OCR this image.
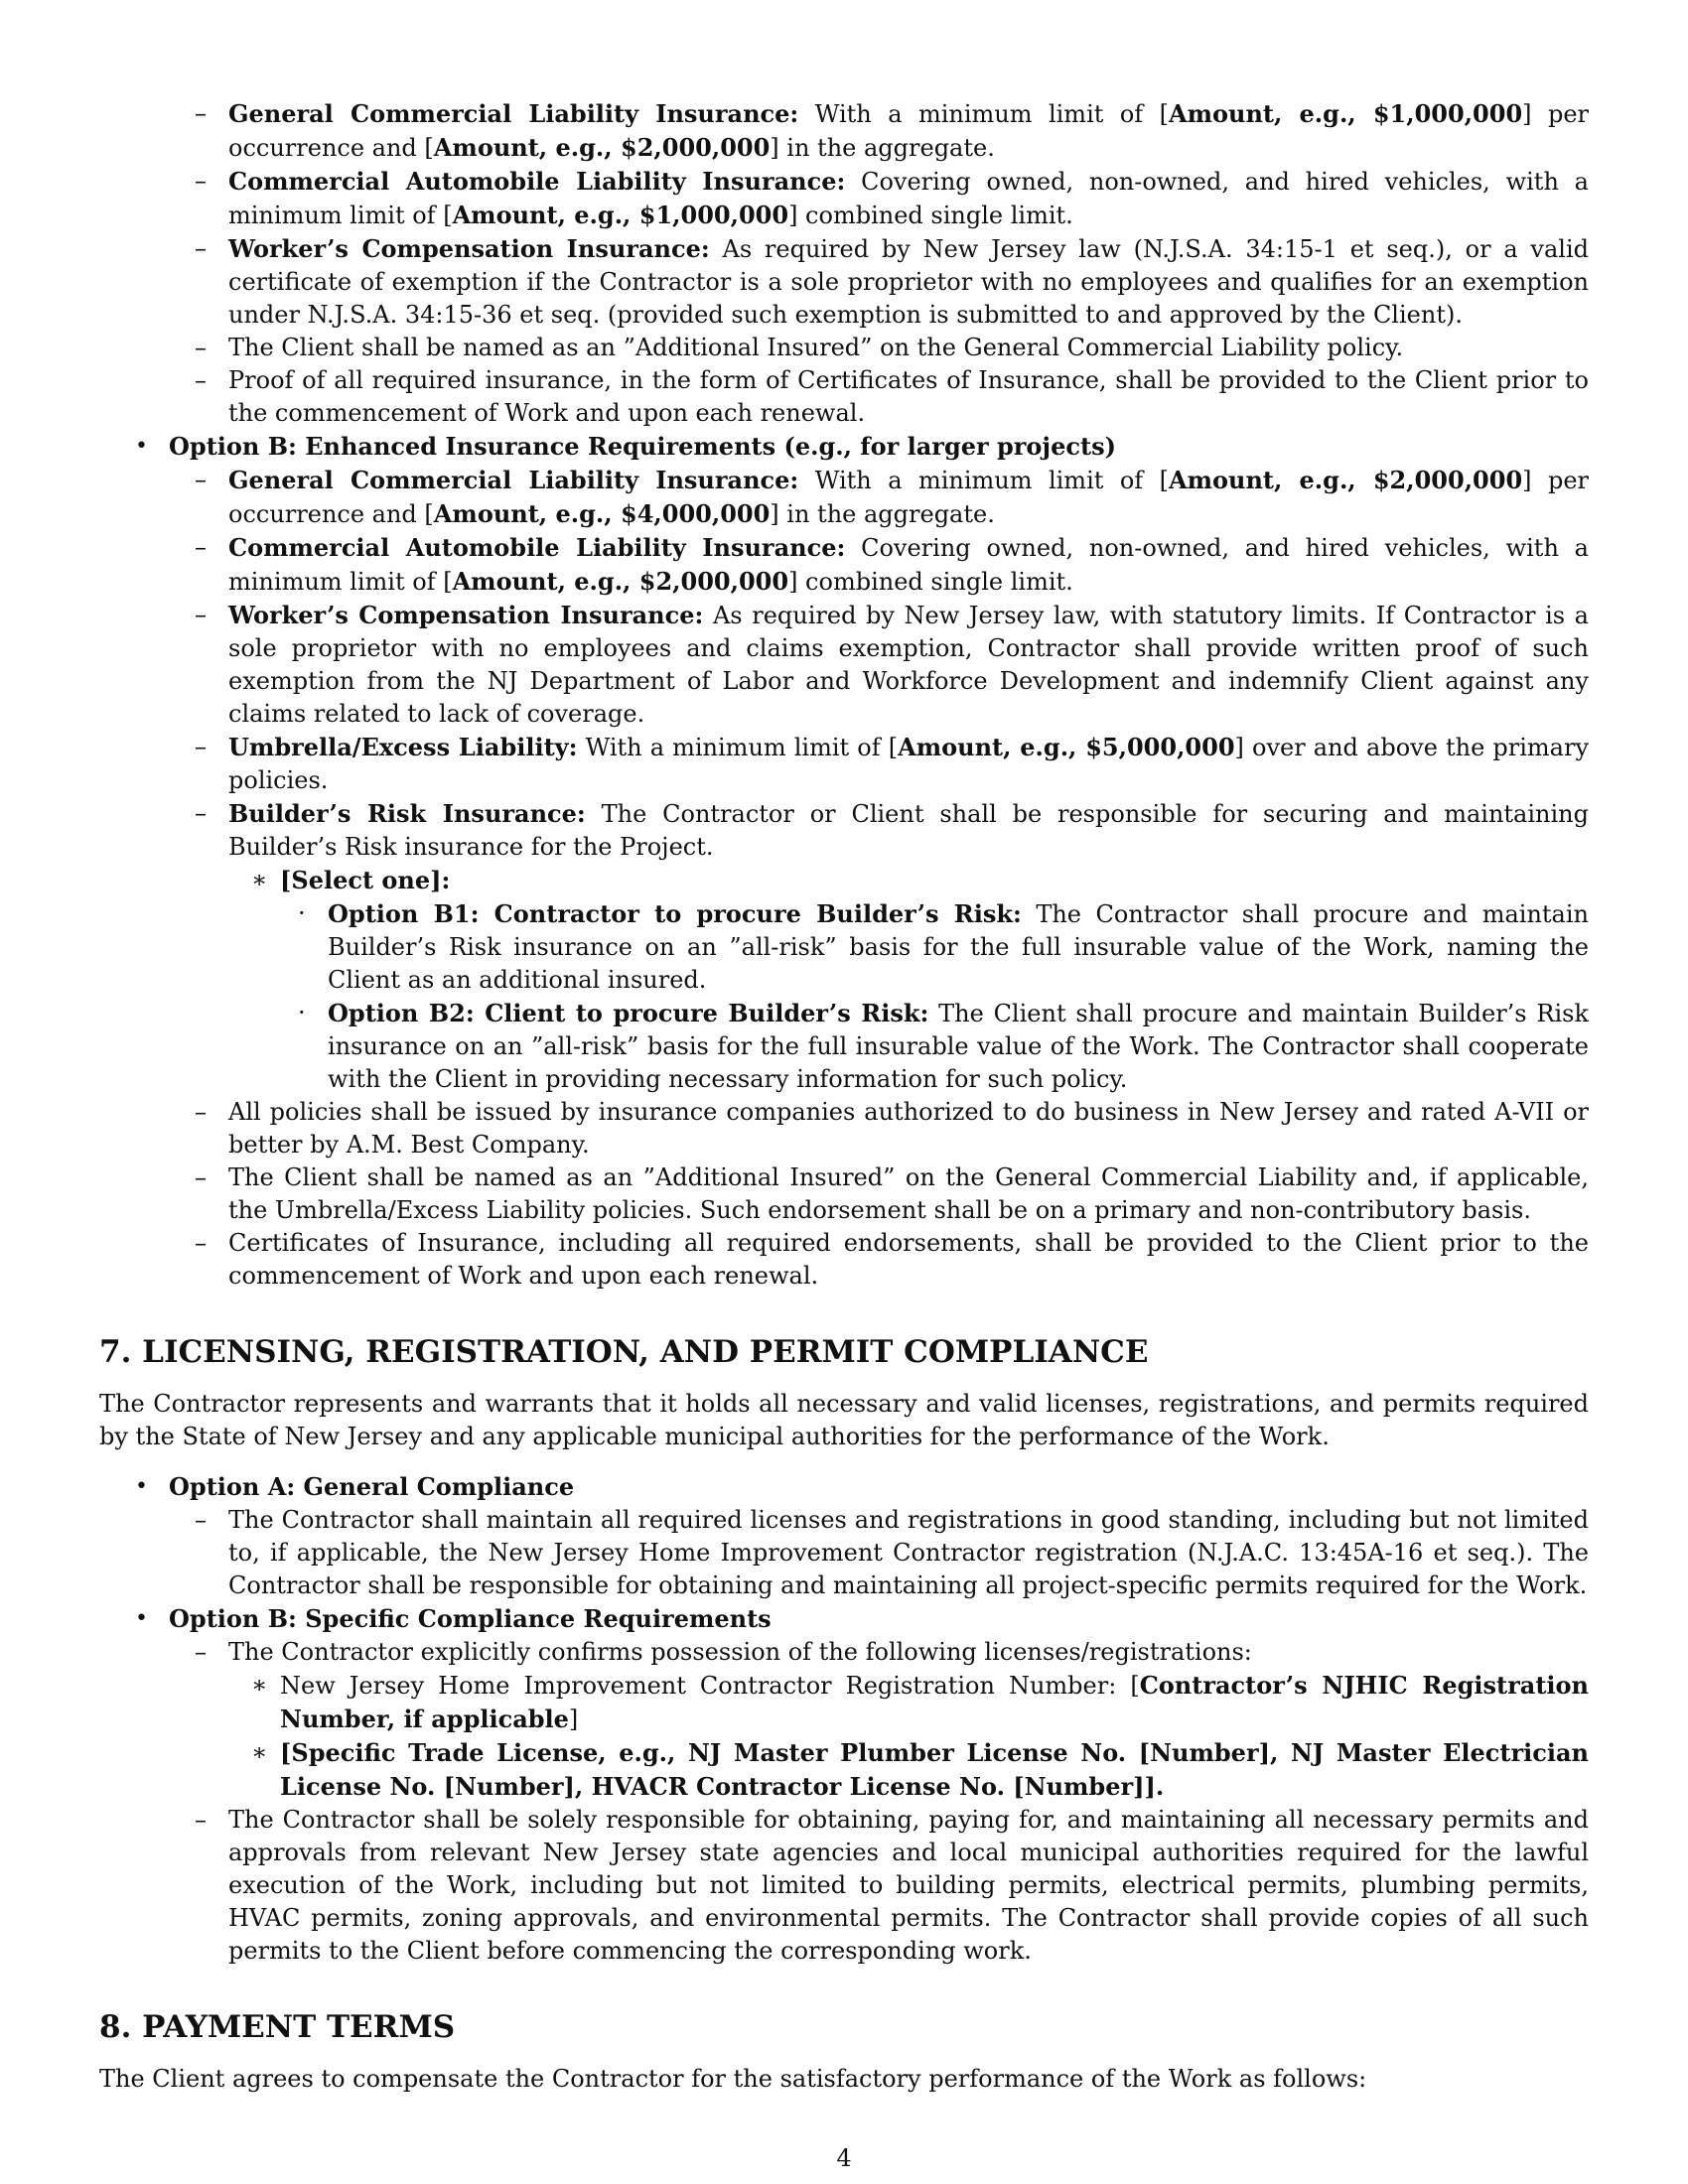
– General Commercial Liability Insurance: With a minimum limit of [Amount, e.g., $1,000,000] per occurrence and [Amount, e.g., $2,000,000] in the aggregate.
– Commercial Automobile Liability Insurance: Covering owned, non-owned, and hired vehicles, with a minimum limit of [Amount, e.g., $1,000,000] combined single limit.
– Worker’s Compensation Insurance: As required by New Jersey law (N.J.S.A. 34:15-1 et seq.), or a valid certificate of exemption if the Contractor is a sole proprietor with no employees and qualifies for an exemption under N.J.S.A. 34:15-36 et seq. (provided such exemption is submitted to and approved by the Client).
– The Client shall be named as an ”Additional Insured” on the General Commercial Liability policy.
– Proof of all required insurance, in the form of Certificates of Insurance, shall be provided to the Client prior to the commencement of Work and upon each renewal.
• Option B: Enhanced Insurance Requirements (e.g., for larger projects)
– General Commercial Liability Insurance: With a minimum limit of [Amount, e.g., $2,000,000] per occurrence and [Amount, e.g., $4,000,000] in the aggregate.
– Commercial Automobile Liability Insurance: Covering owned, non-owned, and hired vehicles, with a minimum limit of [Amount, e.g., $2,000,000] combined single limit.
– Worker’s Compensation Insurance: As required by New Jersey law, with statutory limits. If Contractor is a sole proprietor with no employees and claims exemption, Contractor shall provide written proof of such exemption from the NJ Department of Labor and Workforce Development and indemnify Client against any claims related to lack of coverage.
– Umbrella/Excess Liability: With a minimum limit of [Amount, e.g., $5,000,000] over and above the primary policies.
– Builder’s Risk Insurance: The Contractor or Client shall be responsible for securing and maintaining Builder’s Risk insurance for the Project.
∗ [Select one]:
· Option B1: Contractor to procure Builder’s Risk: The Contractor shall procure and maintain Builder’s Risk insurance on an ”all-risk” basis for the full insurable value of the Work, naming the Client as an additional insured.
· Option B2: Client to procure Builder’s Risk: The Client shall procure and maintain Builder’s Risk insurance on an ”all-risk” basis for the full insurable value of the Work. The Contractor shall cooperate with the Client in providing necessary information for such policy.
– All policies shall be issued by insurance companies authorized to do business in New Jersey and rated A-VII or better by A.M. Best Company.
– The Client shall be named as an ”Additional Insured” on the General Commercial Liability and, if applicable, the Umbrella/Excess Liability policies. Such endorsement shall be on a primary and non-contributory basis.
– Certificates of Insurance, including all required endorsements, shall be provided to the Client prior to the commencement of Work and upon each renewal.
7. LICENSING, REGISTRATION, AND PERMIT COMPLIANCE
The Contractor represents and warrants that it holds all necessary and valid licenses, registrations, and permits required by the State of New Jersey and any applicable municipal authorities for the performance of the Work.
• Option A: General Compliance
– The Contractor shall maintain all required licenses and registrations in good standing, including but not limited to, if applicable, the New Jersey Home Improvement Contractor registration (N.J.A.C. 13:45A-16 et seq.). The Contractor shall be responsible for obtaining and maintaining all project-specific permits required for the Work.
• Option B: Specific Compliance Requirements
– The Contractor explicitly confirms possession of the following licenses/registrations:
∗ New Jersey Home Improvement Contractor Registration Number: [Contractor’s NJHIC Registration Number, if applicable]
∗ [Specific Trade License, e.g., NJ Master Plumber License No. [Number], NJ Master Electrician License No. [Number], HVACR Contractor License No. [Number]].
– The Contractor shall be solely responsible for obtaining, paying for, and maintaining all necessary permits and approvals from relevant New Jersey state agencies and local municipal authorities required for the lawful execution of the Work, including but not limited to building permits, electrical permits, plumbing permits, HVAC permits, zoning approvals, and environmental permits. The Contractor shall provide copies of all such permits to the Client before commencing the corresponding work.
8. PAYMENT TERMS
The Client agrees to compensate the Contractor for the satisfactory performance of the Work as follows:
4
